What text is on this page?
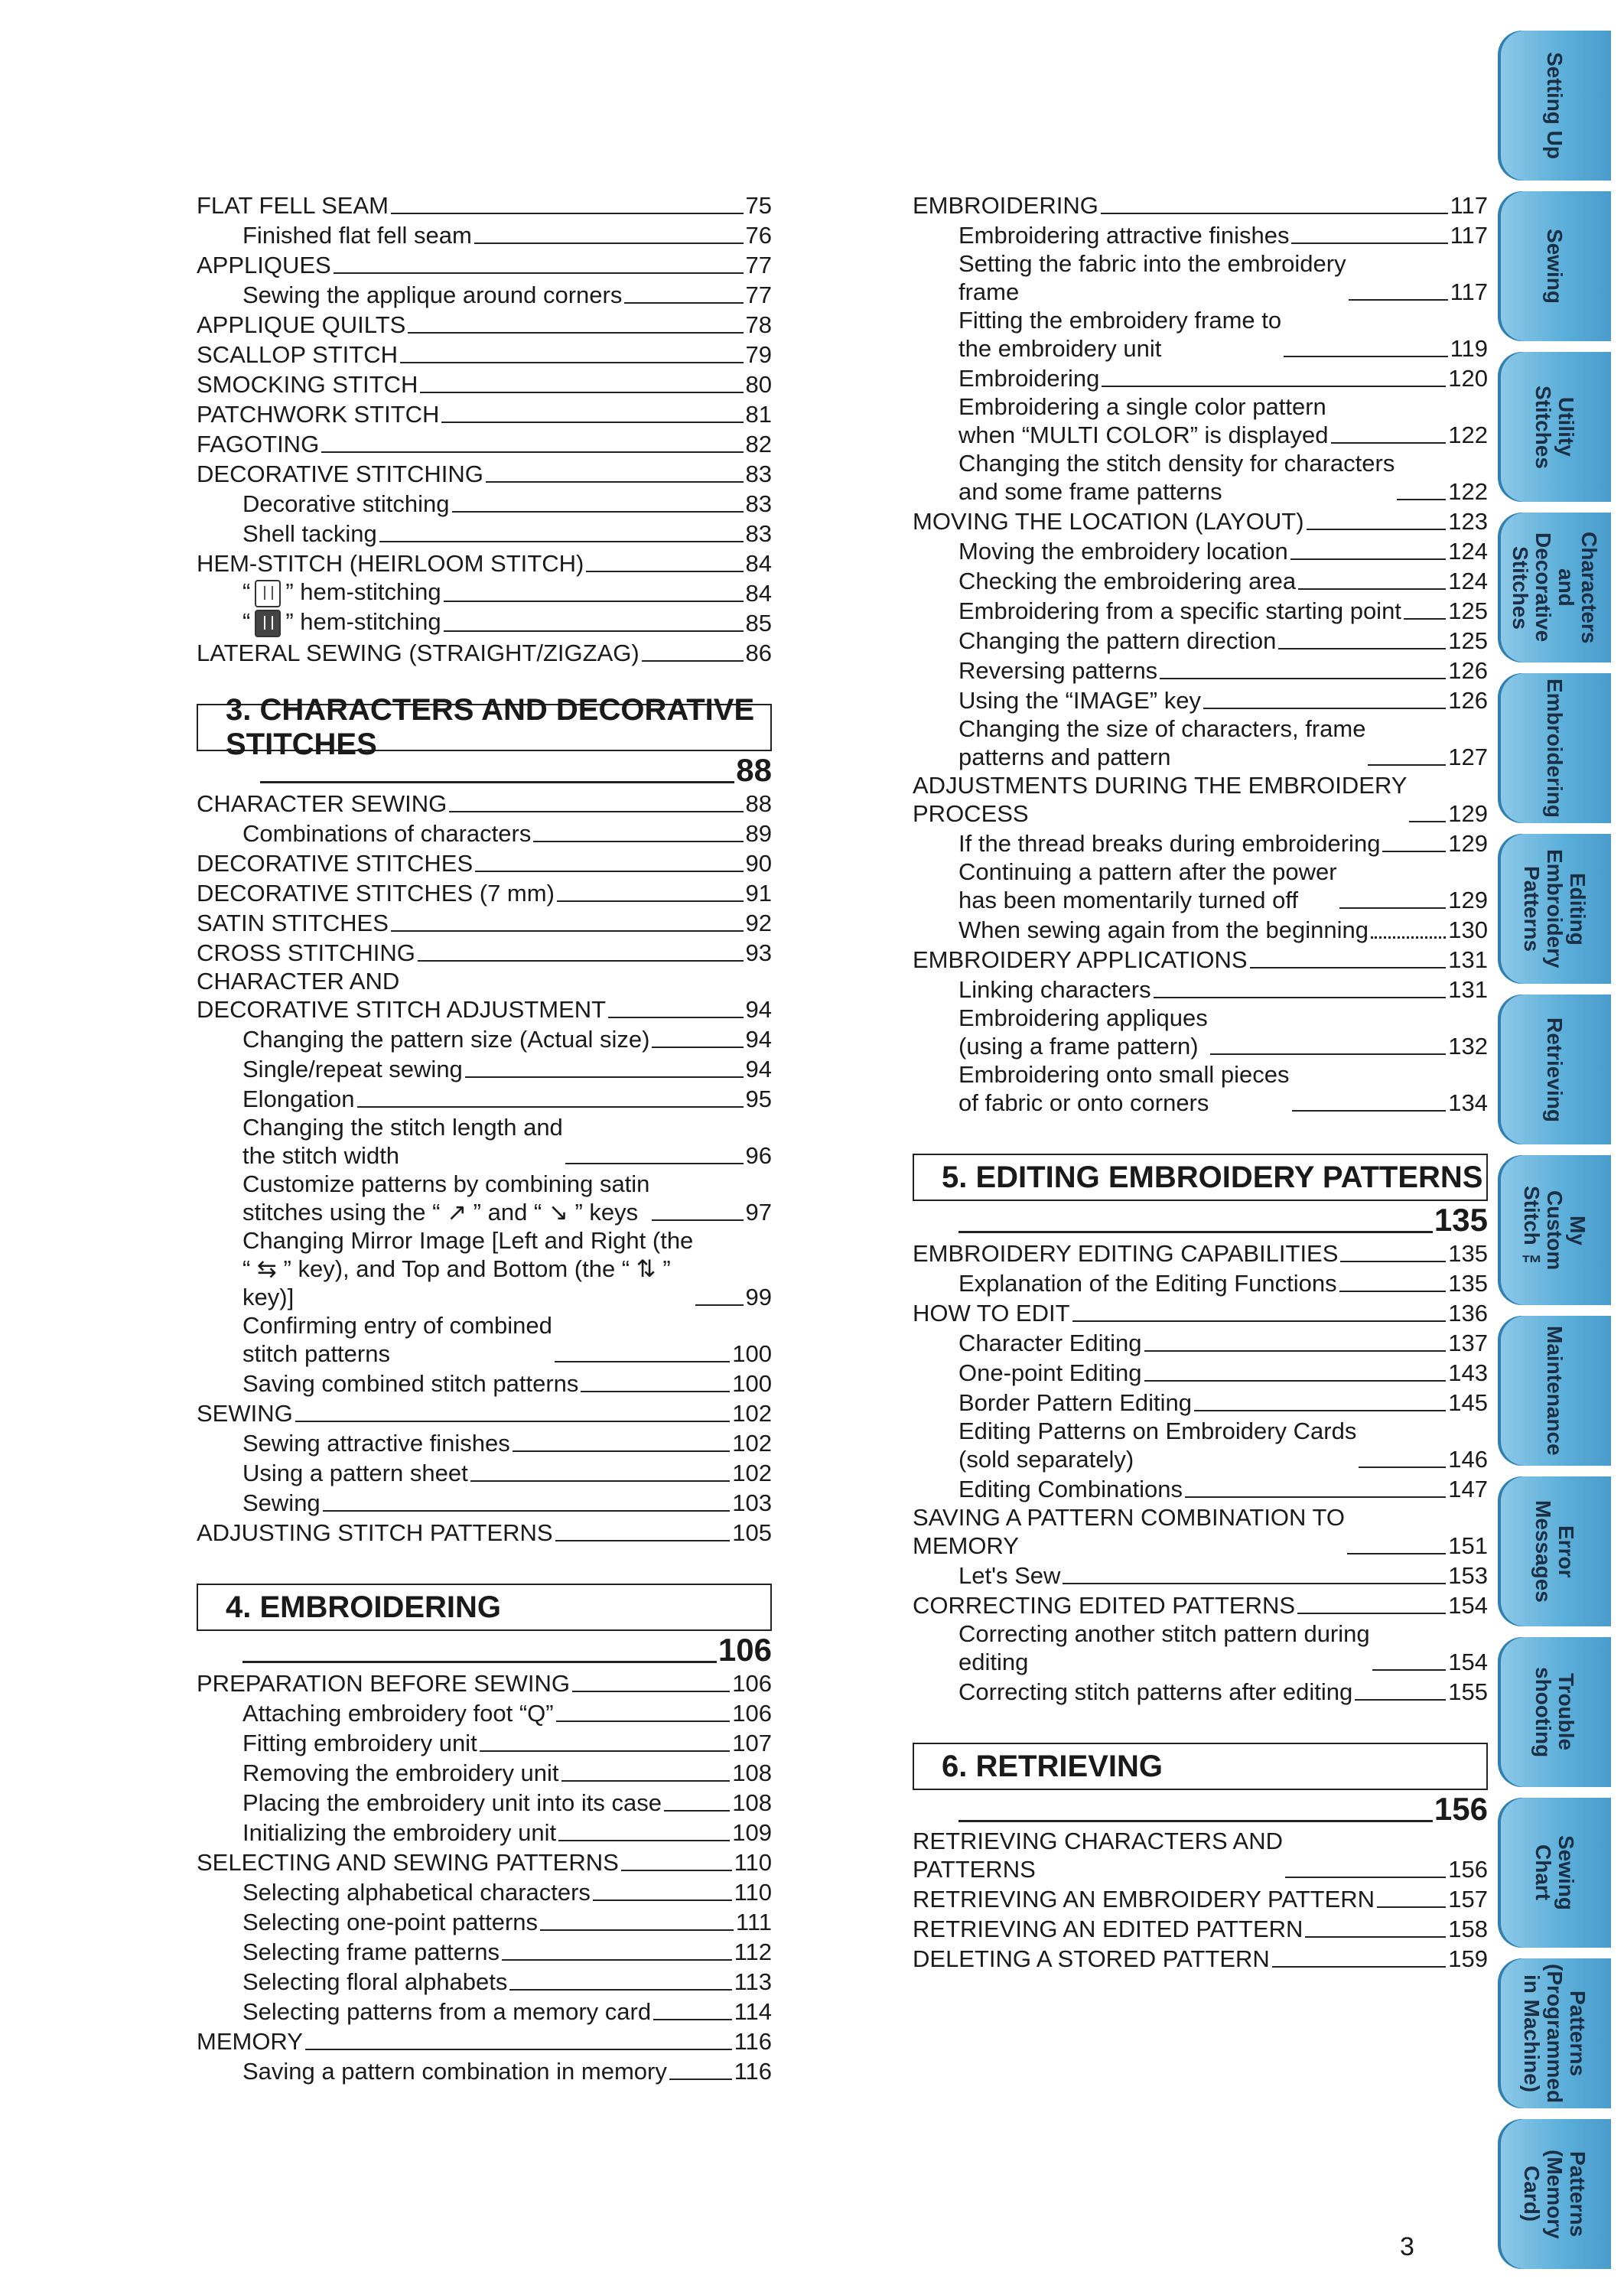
FLAT FELL SEAM	75
Finished flat fell seam	76
APPLIQUES	77
Sewing the applique around corners	77
APPLIQUE QUILTS	78
SCALLOP STITCH	79
SMOCKING STITCH	80
PATCHWORK STITCH	81
FAGOTING	82
DECORATIVE STITCHING	83
Decorative stitching	83
Shell tacking	83
HEM-STITCH (HEIRLOOM STITCH)	84
“ ” hem-stitching	84
“ ” hem-stitching	85
LATERAL SEWING (STRAIGHT/ZIGZAG)	86
3. CHARACTERS AND DECORATIVE STITCHES
88
CHARACTER SEWING	88
Combinations of characters	89
DECORATIVE STITCHES	90
DECORATIVE STITCHES (7 mm)	91
SATIN STITCHES	92
CROSS STITCHING	93
CHARACTER AND
DECORATIVE STITCH ADJUSTMENT	94
Changing the pattern size (Actual size)	94
Single/repeat sewing	94
Elongation	95
Changing the stitch length and
the stitch width	96
Customize patterns by combining satin
stitches using the “ ↗ ” and “ ↘ ” keys	97
Changing Mirror Image [Left and Right (the
“ ⇆ ” key), and Top and Bottom (the “ ⇅ ”
key)]	99
Confirming entry of combined
stitch patterns	100
Saving combined stitch patterns	100
SEWING	102
Sewing attractive finishes	102
Using a pattern sheet	102
Sewing	103
ADJUSTING STITCH PATTERNS	105
4. EMBROIDERING
106
PREPARATION BEFORE SEWING	106
Attaching embroidery foot “Q”	106
Fitting embroidery unit	107
Removing the embroidery unit	108
Placing the embroidery unit into its case	108
Initializing the embroidery unit	109
SELECTING AND SEWING PATTERNS	110
Selecting alphabetical characters	110
Selecting one-point patterns	111
Selecting frame patterns	112
Selecting floral alphabets	113
Selecting patterns from a memory card	114
MEMORY	116
Saving a pattern combination in memory	116
EMBROIDERING	117
Embroidering attractive finishes	117
Setting the fabric into the embroidery
frame	117
Fitting the embroidery frame to
the embroidery unit	119
Embroidering	120
Embroidering a single color pattern
when “MULTI COLOR” is displayed	122
Changing the stitch density for characters
and some frame patterns	122
MOVING THE LOCATION (LAYOUT)	123
Moving the embroidery location	124
Checking the embroidering area	124
Embroidering from a specific starting point 125
Changing the pattern direction	125
Reversing patterns	126
Using the “IMAGE” key	126
Changing the size of characters, frame
patterns and pattern	127
ADJUSTMENTS DURING THE EMBROIDERY
PROCESS	129
If the thread breaks during embroidering	129
Continuing a pattern after the power
has been momentarily turned off	129
When sewing again from the beginning	130
EMBROIDERY APPLICATIONS	131
Linking characters	131
Embroidering appliques
(using a frame pattern)	132
Embroidering onto small pieces
of fabric or onto corners	134
5. EDITING EMBROIDERY PATTERNS
135
EMBROIDERY EDITING CAPABILITIES	135
Explanation of the Editing Functions	135
HOW TO EDIT	136
Character Editing	137
One-point Editing	143
Border Pattern Editing	145
Editing Patterns on Embroidery Cards
(sold separately)	146
Editing Combinations	147
SAVING A PATTERN COMBINATION TO
MEMORY	151
Let's Sew	153
CORRECTING EDITED PATTERNS	154
Correcting another stitch pattern during
editing	154
Correcting stitch patterns after editing	155
6. RETRIEVING
156
RETRIEVING CHARACTERS AND
PATTERNS	156
RETRIEVING AN EMBROIDERY PATTERN	157
RETRIEVING AN EDITED PATTERN	158
DELETING A STORED PATTERN	159
Setting Up
Sewing
Utility
Stitches
Characters
and
Decorative
Stitches
Embroidering
Editing
Embroidery
Patterns
Retrieving
My
Custom
Stitch ™
Maintenance
Error
Messages
Trouble
shooting
Sewing
Chart
Patterns
(Programmed
in Machine)
Patterns
(Memory
Card)
3
